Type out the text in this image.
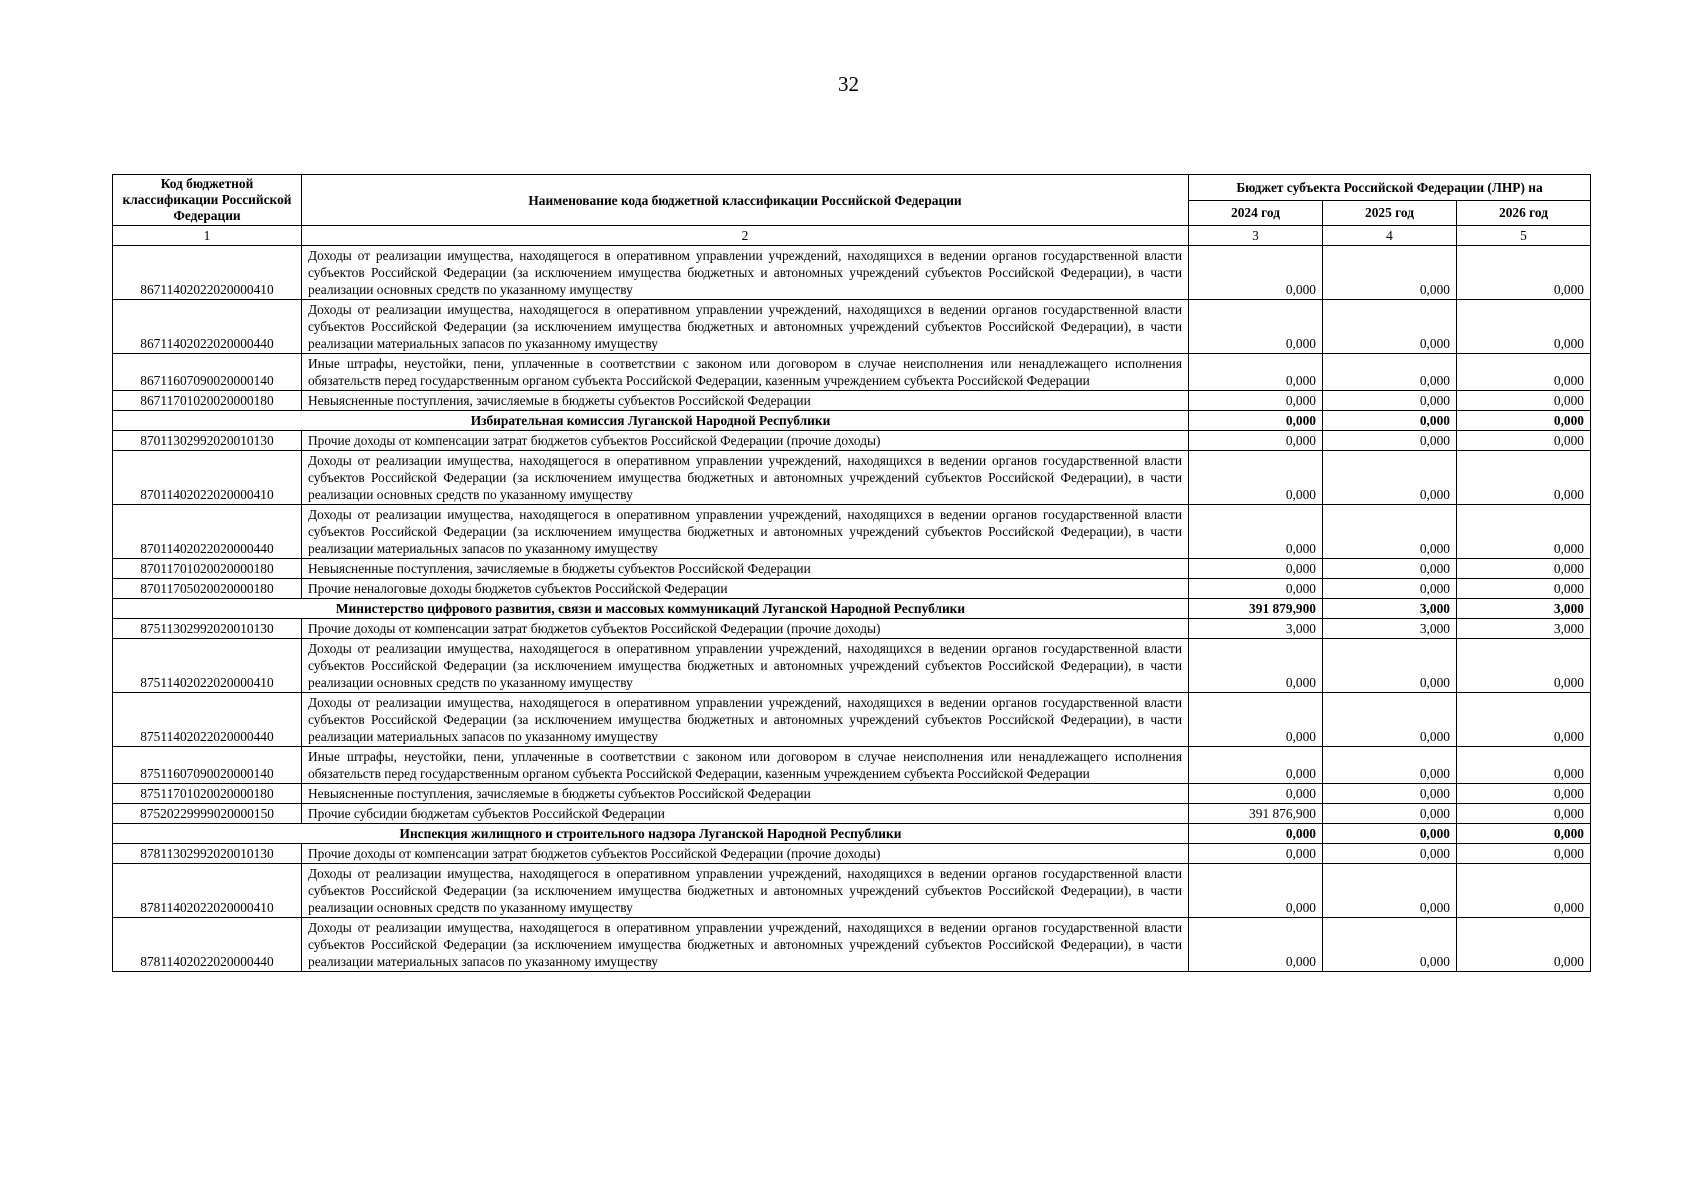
32
Код бюджетной классификации Российской Федерации	Наименование кода бюджетной классификации Российской Федерации	Бюджет субъекта Российской Федерации (ЛНР) на		
		2024 год	2025 год	2026 год
1	2	3	4	5
86711402022020000410	Доходы от реализации имущества, находящегося в оперативном управлении учреждений, находящихся в ведении органов государственной власти субъектов Российской Федерации (за исключением имущества бюджетных и автономных учреждений субъектов Российской Федерации), в части реализации основных средств по указанному имуществу	0,000	0,000	0,000
86711402022020000440	Доходы от реализации имущества, находящегося в оперативном управлении учреждений, находящихся в ведении органов государственной власти субъектов Российской Федерации (за исключением имущества бюджетных и автономных учреждений субъектов Российской Федерации), в части реализации материальных запасов по указанному имуществу	0,000	0,000	0,000
86711607090020000140	Иные штрафы, неустойки, пени, уплаченные в соответствии с законом или договором в случае неисполнения или ненадлежащего исполнения обязательств перед государственным органом субъекта Российской Федерации, казенным учреждением субъекта Российской Федерации	0,000	0,000	0,000
86711701020020000180	Невыясненные поступления, зачисляемые в бюджеты субъектов Российской Федерации	0,000	0,000	0,000
Избирательная комиссия Луганской Народной Республики		0,000	0,000	0,000
87011302992020010130	Прочие доходы от компенсации затрат бюджетов субъектов Российской Федерации (прочие доходы)	0,000	0,000	0,000
87011402022020000410	Доходы от реализации имущества, находящегося в оперативном управлении учреждений, находящихся в ведении органов государственной власти субъектов Российской Федерации (за исключением имущества бюджетных и автономных учреждений субъектов Российской Федерации), в части реализации основных средств по указанному имуществу	0,000	0,000	0,000
87011402022020000440	Доходы от реализации имущества, находящегося в оперативном управлении учреждений, находящихся в ведении органов государственной власти субъектов Российской Федерации (за исключением имущества бюджетных и автономных учреждений субъектов Российской Федерации), в части реализации материальных запасов по указанному имуществу	0,000	0,000	0,000
87011701020020000180	Невыясненные поступления, зачисляемые в бюджеты субъектов Российской Федерации	0,000	0,000	0,000
87011705020020000180	Прочие неналоговые доходы бюджетов субъектов Российской Федерации	0,000	0,000	0,000
Министерство цифрового развития, связи и массовых коммуникаций Луганской Народной Республики		391 879,900	3,000	3,000
87511302992020010130	Прочие доходы от компенсации затрат бюджетов субъектов Российской Федерации (прочие доходы)	3,000	3,000	3,000
87511402022020000410	Доходы от реализации имущества, находящегося в оперативном управлении учреждений, находящихся в ведении органов государственной власти субъектов Российской Федерации (за исключением имущества бюджетных и автономных учреждений субъектов Российской Федерации), в части реализации основных средств по указанному имуществу	0,000	0,000	0,000
87511402022020000440	Доходы от реализации имущества, находящегося в оперативном управлении учреждений, находящихся в ведении органов государственной власти субъектов Российской Федерации (за исключением имущества бюджетных и автономных учреждений субъектов Российской Федерации), в части реализации материальных запасов по указанному имуществу	0,000	0,000	0,000
87511607090020000140	Иные штрафы, неустойки, пени, уплаченные в соответствии с законом или договором в случае неисполнения или ненадлежащего исполнения обязательств перед государственным органом субъекта Российской Федерации, казенным учреждением субъекта Российской Федерации	0,000	0,000	0,000
87511701020020000180	Невыясненные поступления, зачисляемые в бюджеты субъектов Российской Федерации	0,000	0,000	0,000
87520229999020000150	Прочие субсидии бюджетам субъектов Российской Федерации	391 876,900	0,000	0,000
Инспекция жилищного и строительного надзора Луганской Народной Республики		0,000	0,000	0,000
87811302992020010130	Прочие доходы от компенсации затрат бюджетов субъектов Российской Федерации (прочие доходы)	0,000	0,000	0,000
87811402022020000410	Доходы от реализации имущества, находящегося в оперативном управлении учреждений, находящихся в ведении органов государственной власти субъектов Российской Федерации (за исключением имущества бюджетных и автономных учреждений субъектов Российской Федерации), в части реализации основных средств по указанному имуществу	0,000	0,000	0,000
87811402022020000440	Доходы от реализации имущества, находящегося в оперативном управлении учреждений, находящихся в ведении органов государственной власти субъектов Российской Федерации (за исключением имущества бюджетных и автономных учреждений субъектов Российской Федерации), в части реализации материальных запасов по указанному имуществу	0,000	0,000	0,000
